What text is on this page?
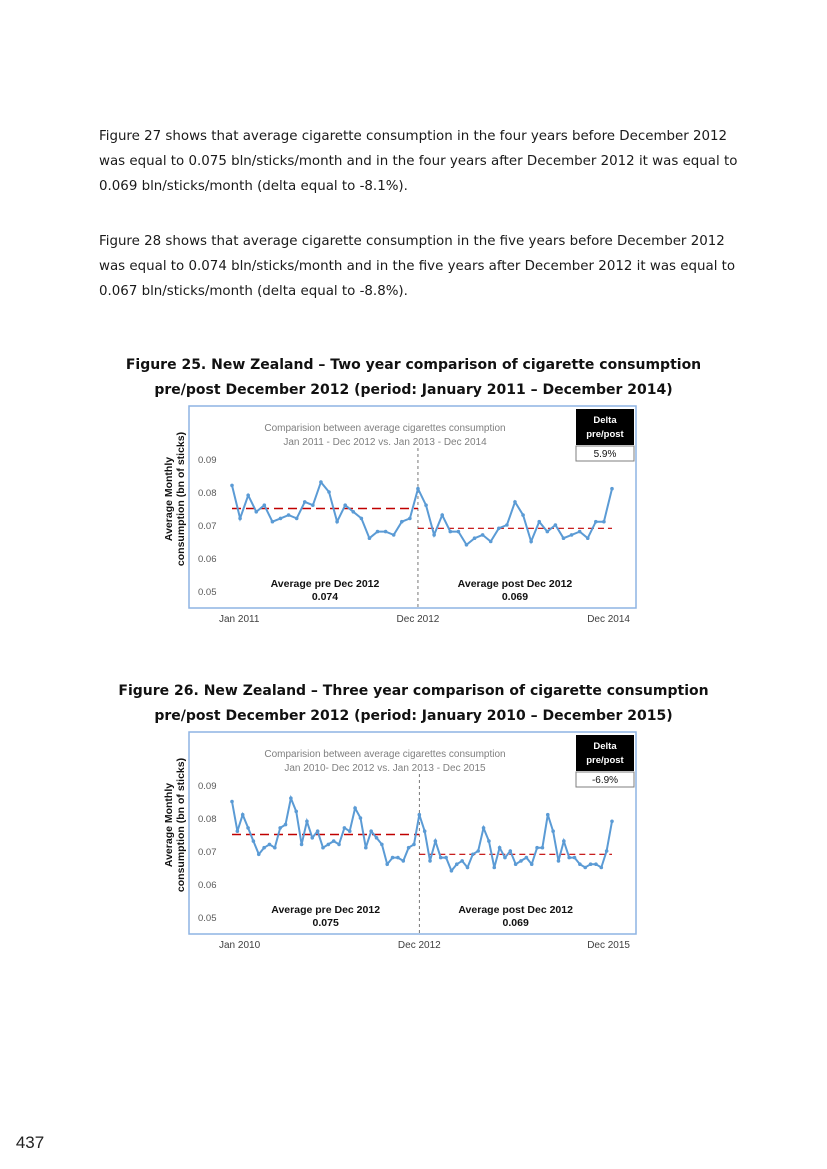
Figure 27 shows that average cigarette consumption in the four years before December 2012 was equal to 0.075 bln/sticks/month and in the four years after December 2012 it was equal to 0.069 bln/sticks/month (delta equal to -8.1%).

Figure 28 shows that average cigarette consumption in the five years before December 2012 was equal to 0.074 bln/sticks/month and in the five years after December 2012 it was equal to 0.067 bln/sticks/month (delta equal to -8.8%).

Figure 25. New Zealand – Two year comparison of cigarette consumption

pre/post December 2012 (period: January 2011 – December 2014)

Average Monthly consumption (bn of sticks) 0.09
0.08
0.07
0.06
0.05
Comparision between average cigarettes consumption
Jan 2011 - Dec 2012 vs. Jan 2013 - Dec 2014
Delta
pre/post
5.9%
Average pre Dec 2012
0.074
Average post Dec 2012
0.069
Jan 2011	Dec 2012	Dec 2014

Figure 26. New Zealand – Three year comparison of cigarette consumption

pre/post December 2012 (period: January 2010 – December 2015)

Average Monthly consumption (bn of sticks) 0.09
0.08
0.07
0.06
0.05
Comparision between average cigarettes consumption
Jan 2010- Dec 2012 vs. Jan 2013 - Dec 2015
Delta
pre/post
-6.9%
Average pre Dec 2012
0.075
Average post Dec 2012
0.069
Jan 2010	Dec 2012	Dec 2015
437
